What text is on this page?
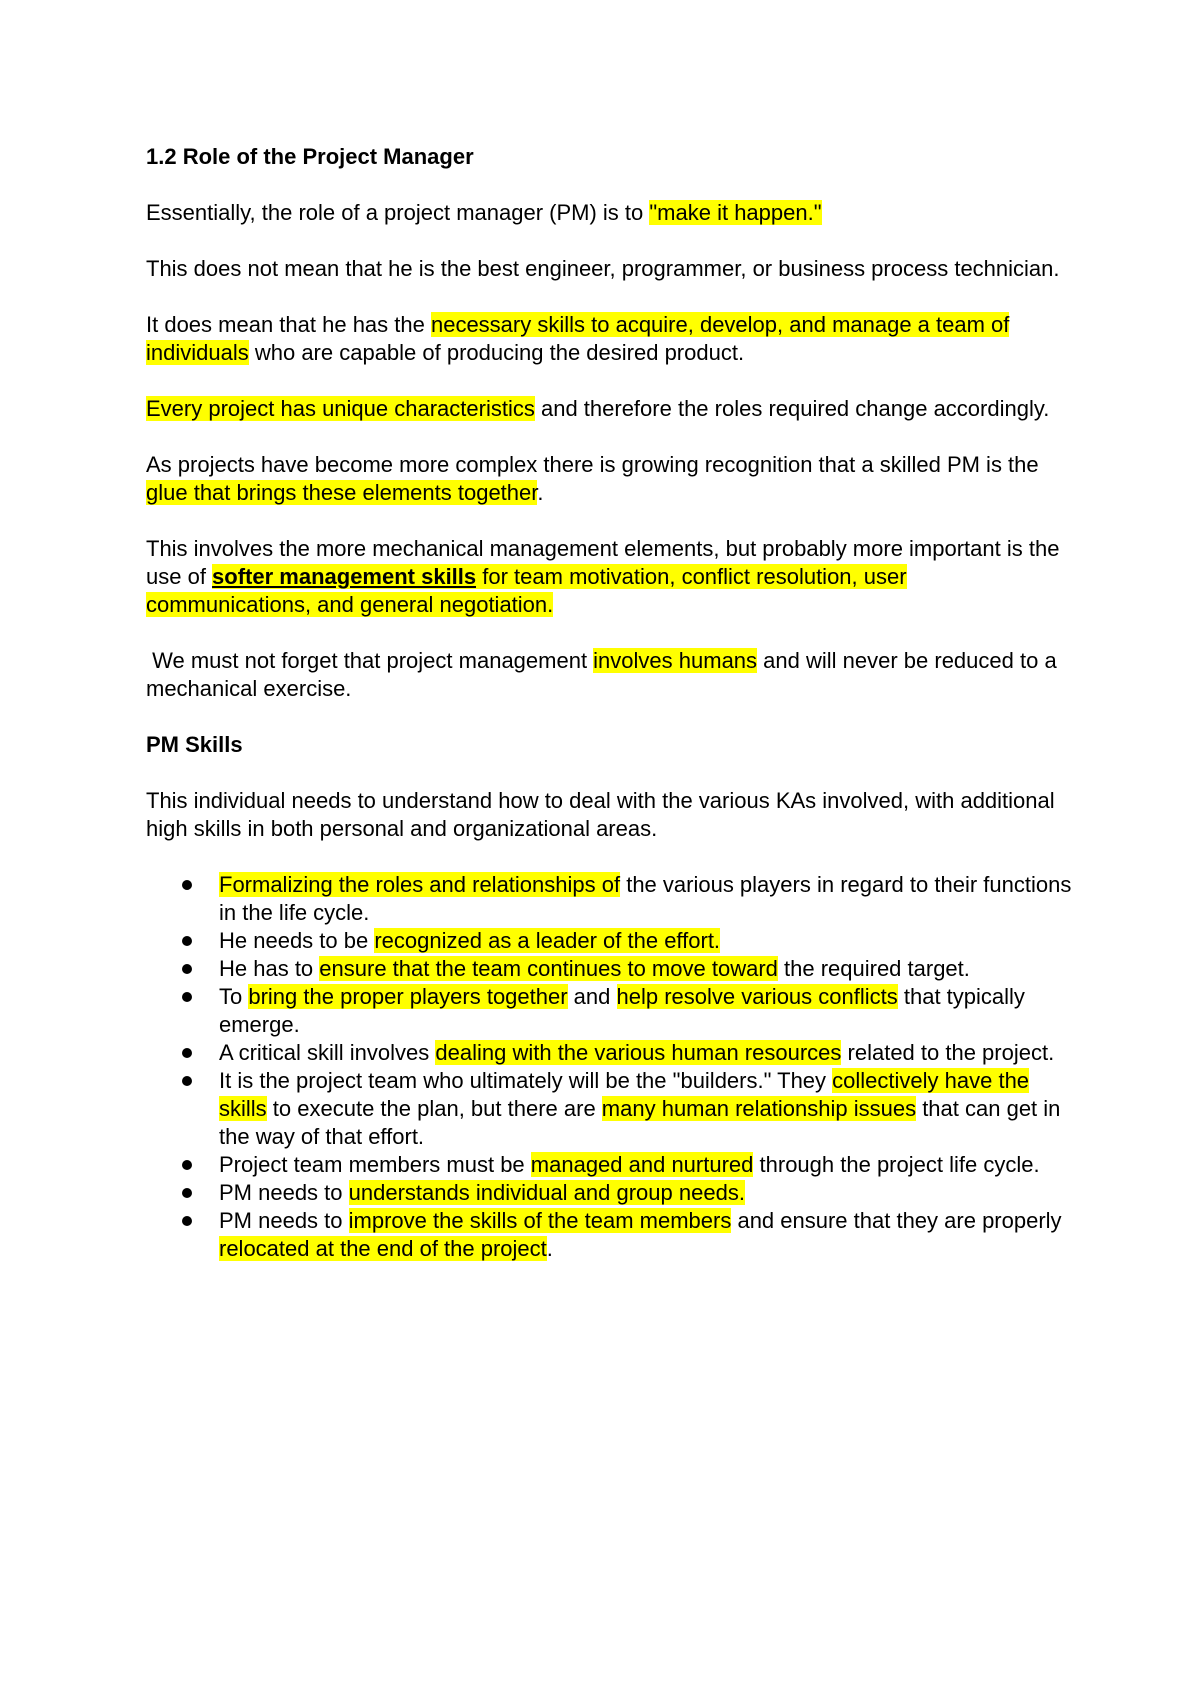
1.2 Role of the Project Manager

Essentially, the role of a project manager (PM) is to "make it happen."

This does not mean that he is the best engineer, programmer, or business process technician.

It does mean that he has the necessary skills to acquire, develop, and manage a team of individuals who are capable of producing the desired product.

Every project has unique characteristics and therefore the roles required change accordingly.

As projects have become more complex there is growing recognition that a skilled PM is the glue that brings these elements together.

This involves the more mechanical management elements, but probably more important is the use of softer management skills for team motivation, conflict resolution, user communications, and general negotiation.

We must not forget that project management involves humans and will never be reduced to a mechanical exercise.

PM Skills

This individual needs to understand how to deal with the various KAs involved, with additional high skills in both personal and organizational areas.

Formalizing the roles and relationships of the various players in regard to their functions in the life cycle.
He needs to be recognized as a leader of the effort.
He has to ensure that the team continues to move toward the required target.
To bring the proper players together and help resolve various conflicts that typically emerge.
A critical skill involves dealing with the various human resources related to the project.
It is the project team who ultimately will be the "builders." They collectively have the skills to execute the plan, but there are many human relationship issues that can get in the way of that effort.
Project team members must be managed and nurtured through the project life cycle.
PM needs to understands individual and group needs.
PM needs to improve the skills of the team members and ensure that they are properly relocated at the end of the project.
